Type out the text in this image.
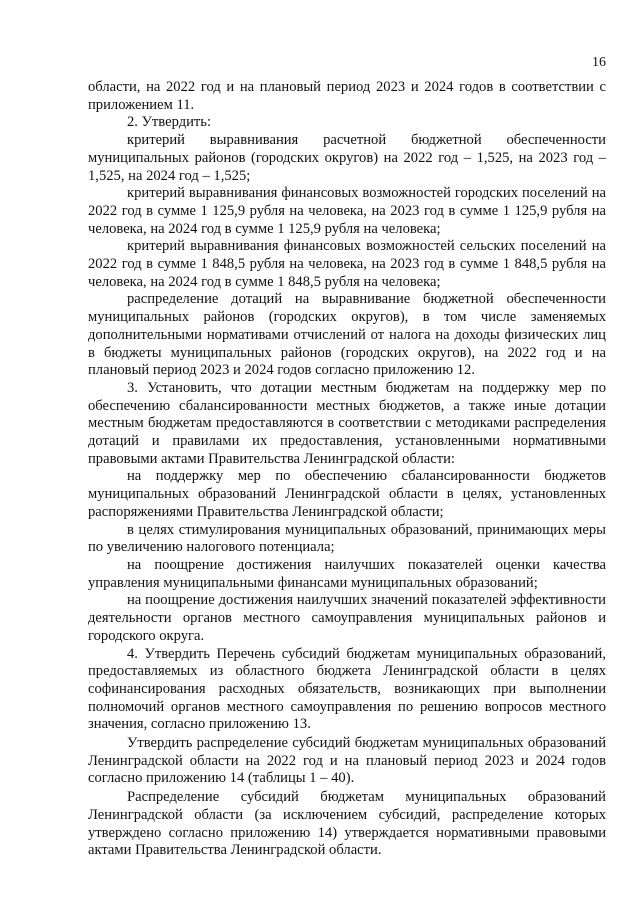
16

области, на 2022 год и на плановый период 2023 и 2024 годов в соответствии с приложением 11.

2. Утвердить:

критерий выравнивания расчетной бюджетной обеспеченности муниципальных районов (городских округов) на 2022 год – 1,525, на 2023 год – 1,525, на 2024 год – 1,525;

критерий выравнивания финансовых возможностей городских поселений на 2022 год в сумме 1 125,9 рубля на человека, на 2023 год в сумме 1 125,9 рубля на человека, на 2024 год в сумме 1 125,9 рубля на человека;

критерий выравнивания финансовых возможностей сельских поселений на 2022 год в сумме 1 848,5 рубля на человека, на 2023 год в сумме 1 848,5 рубля на человека, на 2024 год в сумме 1 848,5 рубля на человека;

распределение дотаций на выравнивание бюджетной обеспеченности муниципальных районов (городских округов), в том числе заменяемых дополнительными нормативами отчислений от налога на доходы физических лиц в бюджеты муниципальных районов (городских округов), на 2022 год и на плановый период 2023 и 2024 годов согласно приложению 12.

3. Установить, что дотации местным бюджетам на поддержку мер по обеспечению сбалансированности местных бюджетов, а также иные дотации местным бюджетам предоставляются в соответствии с методиками распределения дотаций и правилами их предоставления, установленными нормативными правовыми актами Правительства Ленинградской области:

на поддержку мер по обеспечению сбалансированности бюджетов муниципальных образований Ленинградской области в целях, установленных распоряжениями Правительства Ленинградской области;

в целях стимулирования муниципальных образований, принимающих меры по увеличению налогового потенциала;

на поощрение достижения наилучших показателей оценки качества управления муниципальными финансами муниципальных образований;

на поощрение достижения наилучших значений показателей эффективности деятельности органов местного самоуправления муниципальных районов и городского округа.

4. Утвердить Перечень субсидий бюджетам муниципальных образований, предоставляемых из областного бюджета Ленинградской области в целях софинансирования расходных обязательств, возникающих при выполнении полномочий органов местного самоуправления по решению вопросов местного значения, согласно приложению 13.

Утвердить распределение субсидий бюджетам муниципальных образований Ленинградской области на 2022 год и на плановый период 2023 и 2024 годов согласно приложению 14 (таблицы 1 – 40).

Распределение субсидий бюджетам муниципальных образований Ленинградской области (за исключением субсидий, распределение которых утверждено согласно приложению 14) утверждается нормативными правовыми актами Правительства Ленинградской области.
